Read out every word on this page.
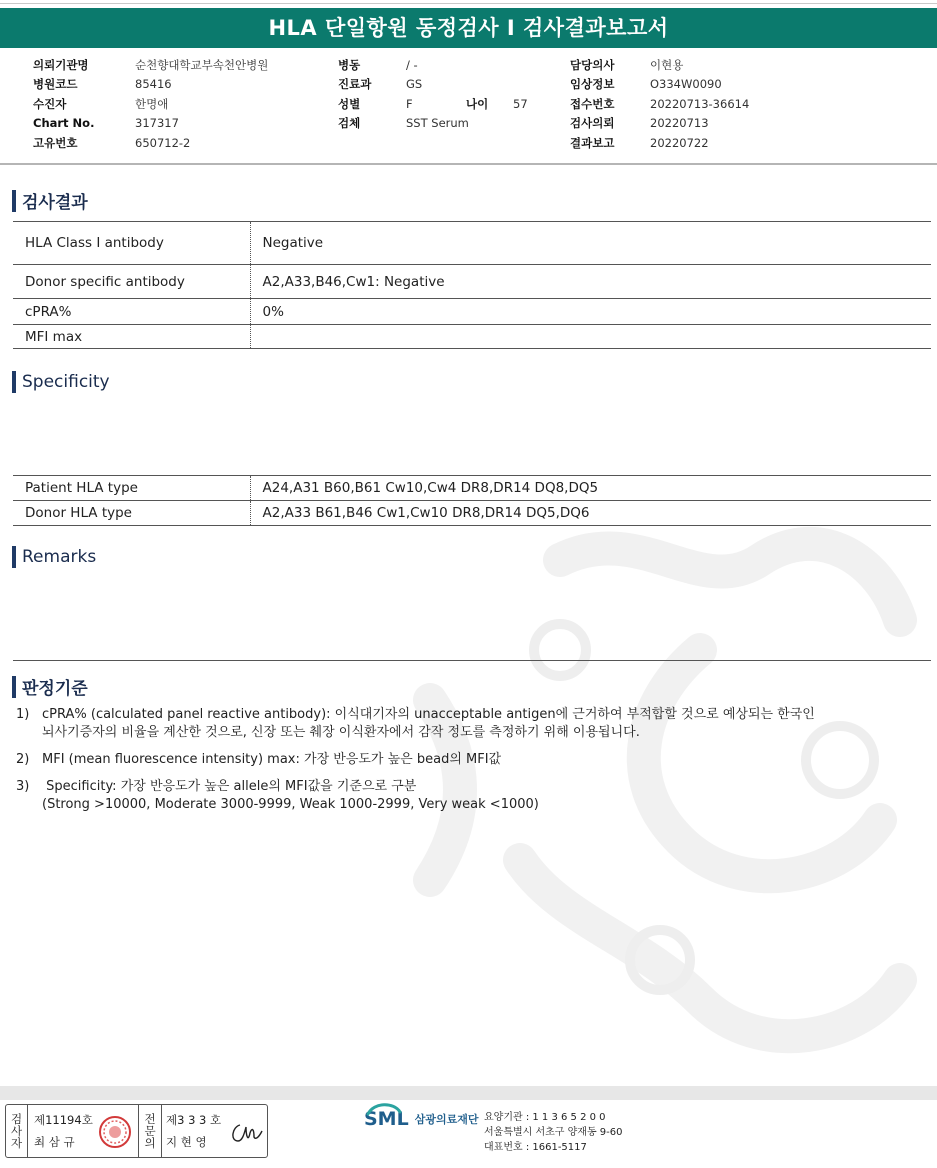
HLA 단일항원 동정검사 I 검사결과보고서
의뢰기관명	순천향대학교부속천안병원
병원코드	85416
수진자	한명애
Chart No.	317317
고유번호	650712-2
병동	/ -
진료과	GS
성별	F	나이	57
검체	SST Serum
담당의사	이현용
임상정보	O334W0090
접수번호	20220713-36614
검사의뢰	20220713
결과보고	20220722
검사결과
HLA Class I antibody	Negative
Donor specific antibody	A2,A33,B46,Cw1: Negative
cPRA%	0%
MFI max	
Specificity
Patient HLA type	A24,A31 B60,B61 Cw10,Cw4 DR8,DR14 DQ8,DQ5
Donor HLA type	A2,A33 B61,B46 Cw1,Cw10 DR8,DR14 DQ5,DQ6
Remarks
판정기준
1) cPRA% (calculated panel reactive antibody): 이식대기자의 unacceptable antigen에 근거하여 부적합할 것으로 예상되는 한국인
뇌사기증자의 비율을 계산한 것으로, 신장 또는 췌장 이식환자에서 감작 정도를 측정하기 위해 이용됩니다.
2) MFI (mean fluorescence intensity) max: 가장 반응도가 높은 bead의 MFI값
3) Specificity: 가장 반응도가 높은 allele의 MFI값을 기준으로 구분
(Strong >10000, Moderate 3000-9999, Weak 1000-2999, Very weak <1000)
검
사
자
제11194호
최 삼 규
전
문
의
제3 3 3 호
지 현 영
SML 삼광의료재단 요양기관 : 1 1 3 6 5 2 0 0
서울특별시 서초구 양재동 9-60
대표번호 : 1661-5117
